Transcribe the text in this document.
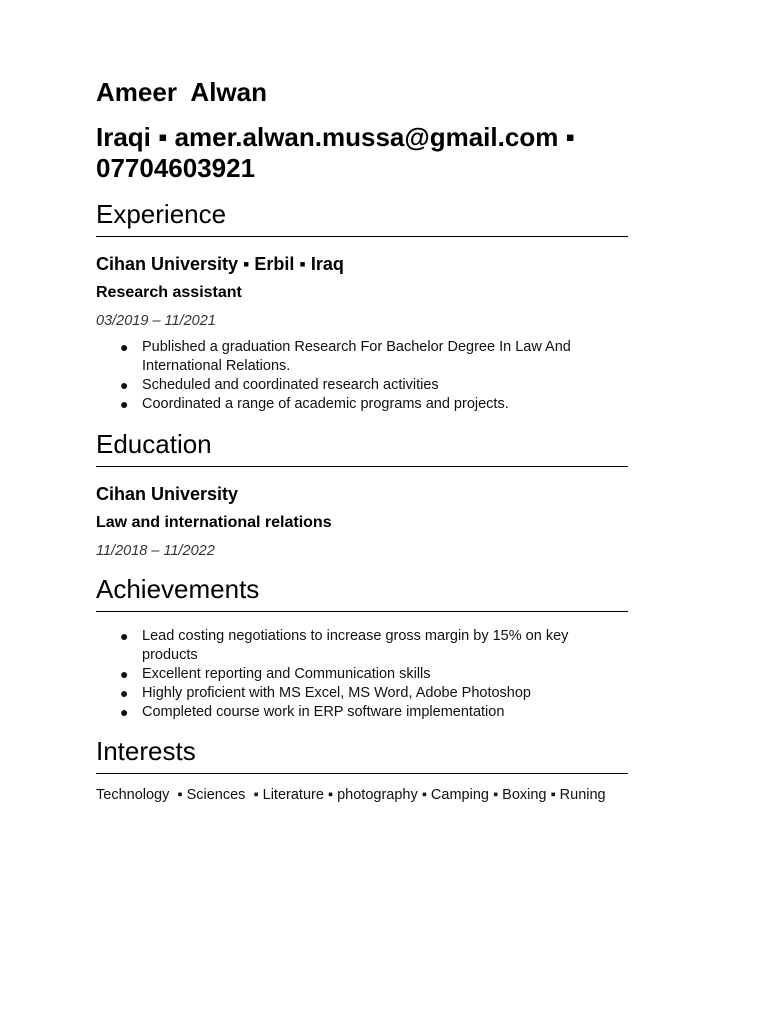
Ameer  Alwan
Iraqi ▪ amer.alwan.mussa@gmail.com ▪ 07704603921
Experience
Cihan University ▪ Erbil ▪ Iraq
Research assistant
03/2019 – 11/2021
● Published a graduation Research For Bachelor Degree In Law And International Relations.
● Scheduled and coordinated research activities
● Coordinated a range of academic programs and projects.
Education
Cihan University
Law and international relations
11/2018 – 11/2022
Achievements
● Lead costing negotiations to increase gross margin by 15% on key products
● Excellent reporting and Communication skills
● Highly proficient with MS Excel, MS Word, Adobe Photoshop
● Completed course work in ERP software implementation
Interests
Technology  ▪ Sciences  ▪ Literature ▪ photography ▪ Camping ▪ Boxing ▪ Runing
